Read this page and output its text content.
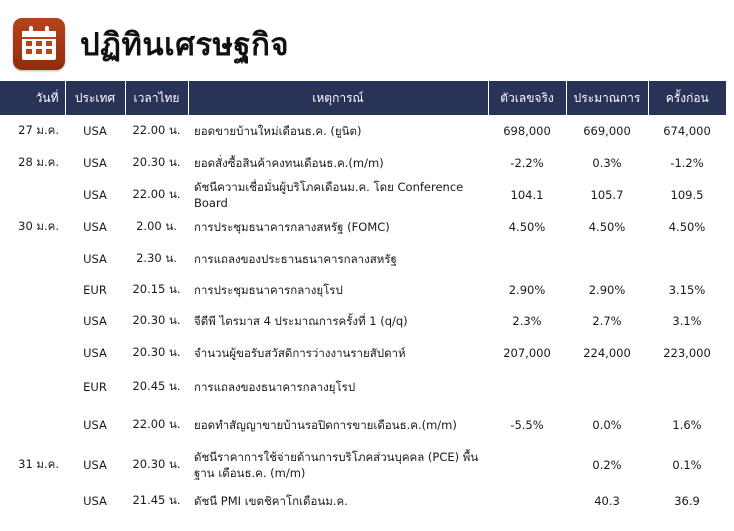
ปฏิทินเศรษฐกิจ
วันที่	ประเทศ	เวลาไทย	เหตุการณ์	ตัวเลขจริง	ประมาณการ	ครั้งก่อน
27 ม.ค.	USA	22.00 น.	ยอดขายบ้านใหม่เดือนธ.ค. (ยูนิต)	698,000	669,000	674,000
28 ม.ค.	USA	20.30 น.	ยอดสั่งซื้อสินค้าคงทนเดือนธ.ค.(m/m)	-2.2%	0.3%	-1.2%
	USA	22.00 น.	ดัชนีความเชื่อมั่นผู้บริโภคเดือนม.ค. โดย Conference Board	104.1	105.7	109.5
30 ม.ค.	USA	2.00 น.	การประชุมธนาคารกลางสหรัฐ (FOMC)	4.50%	4.50%	4.50%
	USA	2.30 น.	การแถลงของประธานธนาคารกลางสหรัฐ			
	EUR	20.15 น.	การประชุมธนาคารกลางยุโรป	2.90%	2.90%	3.15%
	USA	20.30 น.	จีดีพี ไตรมาส 4 ประมาณการครั้งที่ 1 (q/q)	2.3%	2.7%	3.1%
	USA	20.30 น.	จำนวนผู้ขอรับสวัสดิการว่างงานรายสัปดาห์	207,000	224,000	223,000
	EUR	20.45 น.	การแถลงของธนาคารกลางยุโรป			
	USA	22.00 น.	ยอดทำสัญญาขายบ้านรอปิดการขายเดือนธ.ค.(m/m)	-5.5%	0.0%	1.6%
31 ม.ค.	USA	20.30 น.	ดัชนีราคาการใช้จ่ายด้านการบริโภคส่วนบุคคล (PCE) พื้นฐาน เดือนธ.ค. (m/m)		0.2%	0.1%
	USA	21.45 น.	ดัชนี PMI เขตชิคาโกเดือนม.ค.		40.3	36.9
